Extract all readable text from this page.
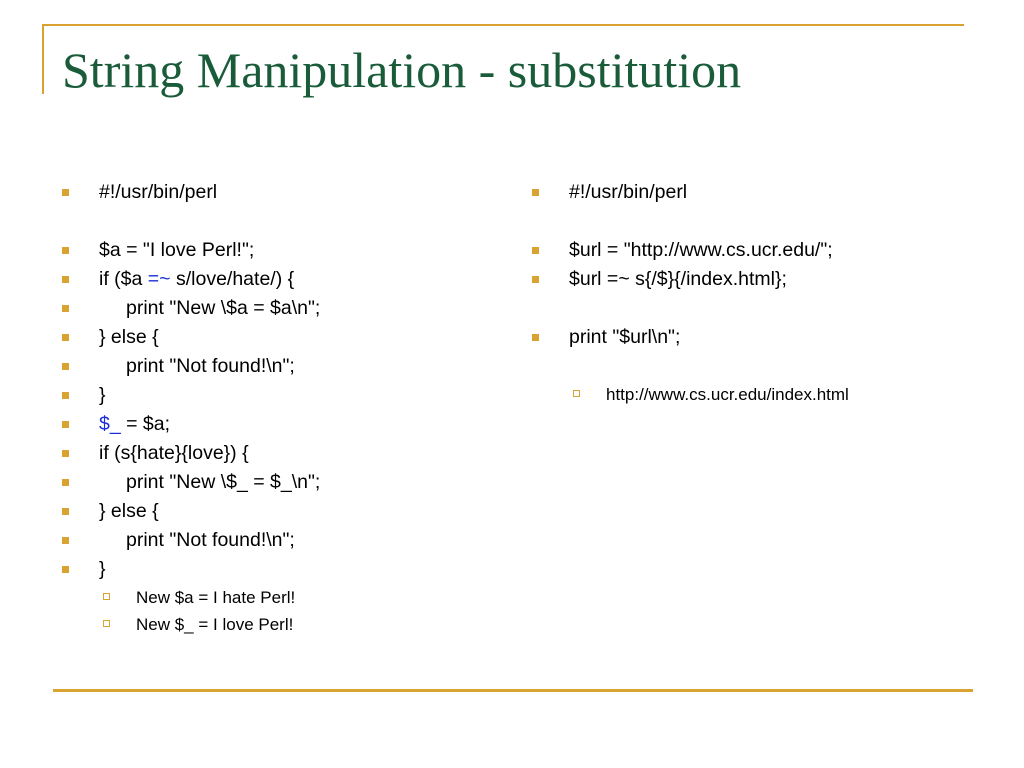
String Manipulation - substitution
#!/usr/bin/perl
$a = "I love Perl!";
if ($a =~ s/love/hate/) {
print "New \$a = $a\n";
} else {
print "Not found!\n";
}
$_ = $a;
if (s{hate}{love}) {
print "New \$_ = $_\n";
} else {
print "Not found!\n";
}
New $a = I hate Perl!
New $_ = I love Perl!
#!/usr/bin/perl
$url = "http://www.cs.ucr.edu/";
$url =~ s{/$}{/index.html};
print "$url\n";
http://www.cs.ucr.edu/index.html
